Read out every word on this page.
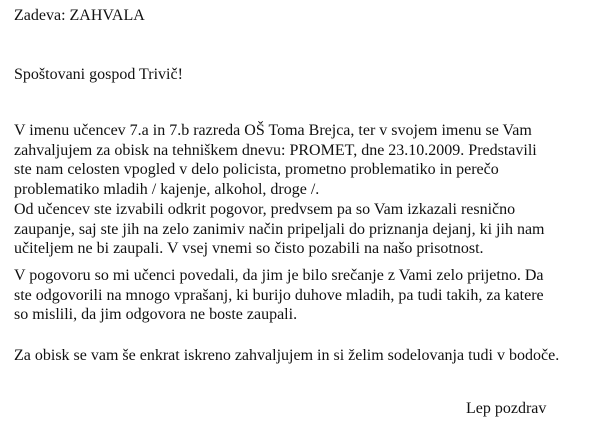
Zadeva: ZAHVALA
Spoštovani gospod Trivič!
V imenu učencev 7.a in 7.b razreda OŠ Toma Brejca, ter v svojem imenu se Vam
zahvaljujem za obisk na tehniškem dnevu: PROMET, dne 23.10.2009. Predstavili
ste nam celosten vpogled v delo policista, prometno problematiko in perečo
problematiko mladih / kajenje, alkohol, droge /.
Od učencev ste izvabili odkrit pogovor, predvsem pa so Vam izkazali resnično
zaupanje, saj ste jih na zelo zanimiv način pripeljali do priznanja dejanj, ki jih nam
učiteljem ne bi zaupali. V vsej vnemi so čisto pozabili na našo prisotnost.
V pogovoru so mi učenci povedali, da jim je bilo srečanje z Vami zelo prijetno. Da
ste odgovorili na mnogo vprašanj, ki burijo duhove mladih, pa tudi takih, za katere
so mislili, da jim odgovora ne boste zaupali.
Za obisk se vam še enkrat iskreno zahvaljujem in si želim sodelovanja tudi v bodoče.
Lep pozdrav
